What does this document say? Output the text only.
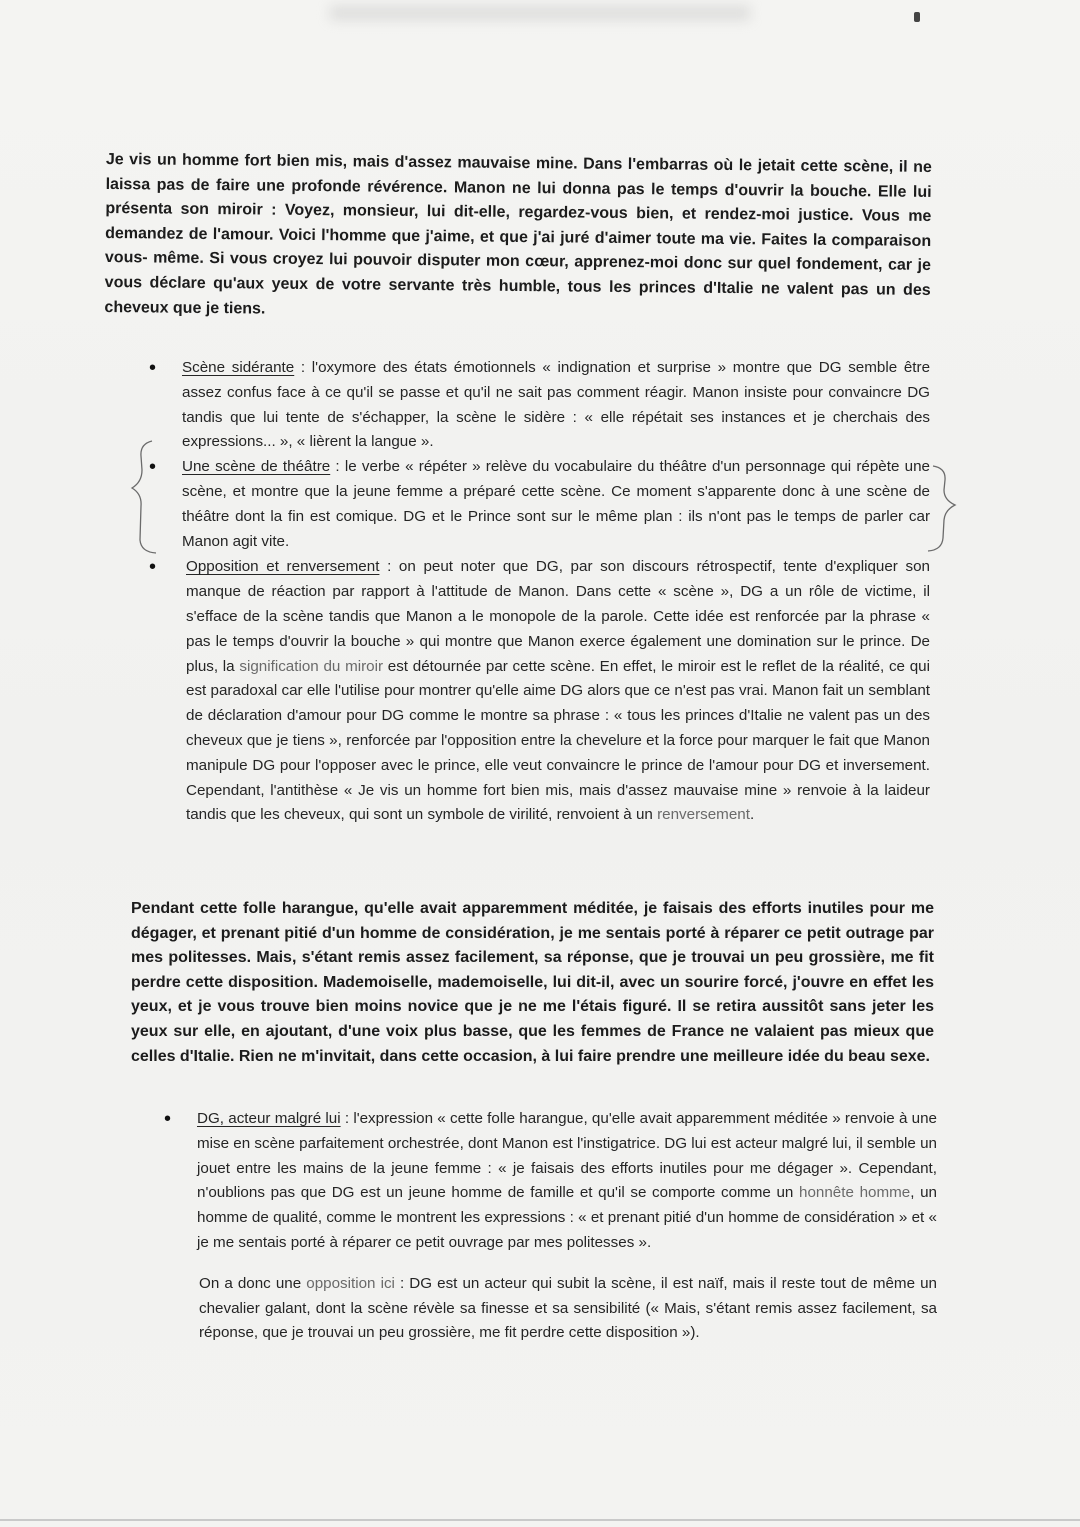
Je vis un homme fort bien mis, mais d'assez mauvaise mine. Dans l'embarras où le jetait cette scène, il ne laissa pas de faire une profonde révérence. Manon ne lui donna pas le temps d'ouvrir la bouche. Elle lui présenta son miroir : Voyez, monsieur, lui dit-elle, regardez-vous bien, et rendez-moi justice. Vous me demandez de l'amour. Voici l'homme que j'aime, et que j'ai juré d'aimer toute ma vie. Faites la comparaison vous- même. Si vous croyez lui pouvoir disputer mon cœur, apprenez-moi donc sur quel fondement, car je vous déclare qu'aux yeux de votre servante très humble, tous les princes d'Italie ne valent pas un des cheveux que je tiens.

• Scène sidérante : l'oxymore des états émotionnels « indignation et surprise » montre que DG semble être assez confus face à ce qu'il se passe et qu'il ne sait pas comment réagir. Manon insiste pour convaincre DG tandis que lui tente de s'échapper, la scène le sidère : « elle répétait ses instances et je cherchais des expressions... », « lièrent la langue ».
• Une scène de théâtre : le verbe « répéter » relève du vocabulaire du théâtre d'un personnage qui répète une scène, et montre que la jeune femme a préparé cette scène. Ce moment s'apparente donc à une scène de théâtre dont la fin est comique. DG et le Prince sont sur le même plan : ils n'ont pas le temps de parler car Manon agit vite.
• Opposition et renversement : on peut noter que DG, par son discours rétrospectif, tente d'expliquer son manque de réaction par rapport à l'attitude de Manon. Dans cette « scène », DG a un rôle de victime, il s'efface de la scène tandis que Manon a le monopole de la parole. Cette idée est renforcée par la phrase « pas le temps d'ouvrir la bouche » qui montre que Manon exerce également une domination sur le prince. De plus, la signification du miroir est détournée par cette scène. En effet, le miroir est le reflet de la réalité, ce qui est paradoxal car elle l'utilise pour montrer qu'elle aime DG alors que ce n'est pas vrai. Manon fait un semblant de déclaration d'amour pour DG comme le montre sa phrase : « tous les princes d'Italie ne valent pas un des cheveux que je tiens », renforcée par l'opposition entre la chevelure et la force pour marquer le fait que Manon manipule DG pour l'opposer avec le prince, elle veut convaincre le prince de l'amour pour DG et inversement. Cependant, l'antithèse « Je vis un homme fort bien mis, mais d'assez mauvaise mine » renvoie à la laideur tandis que les cheveux, qui sont un symbole de virilité, renvoient à un renversement.

Pendant cette folle harangue, qu'elle avait apparemment méditée, je faisais des efforts inutiles pour me dégager, et prenant pitié d'un homme de considération, je me sentais porté à réparer ce petit outrage par mes politesses. Mais, s'étant remis assez facilement, sa réponse, que je trouvai un peu grossière, me fit perdre cette disposition. Mademoiselle, mademoiselle, lui dit-il, avec un sourire forcé, j'ouvre en effet les yeux, et je vous trouve bien moins novice que je ne me l'étais figuré. Il se retira aussitôt sans jeter les yeux sur elle, en ajoutant, d'une voix plus basse, que les femmes de France ne valaient pas mieux que celles d'Italie. Rien ne m'invitait, dans cette occasion, à lui faire prendre une meilleure idée du beau sexe.

• DG, acteur malgré lui : l'expression « cette folle harangue, qu'elle avait apparemment méditée » renvoie à une mise en scène parfaitement orchestrée, dont Manon est l'instigatrice. DG lui est acteur malgré lui, il semble un jouet entre les mains de la jeune femme : « je faisais des efforts inutiles pour me dégager ». Cependant, n'oublions pas que DG est un jeune homme de famille et qu'il se comporte comme un honnête homme, un homme de qualité, comme le montrent les expressions : « et prenant pitié d'un homme de considération » et « je me sentais porté à réparer ce petit ouvrage par mes politesses ».

On a donc une opposition ici : DG est un acteur qui subit la scène, il est naïf, mais il reste tout de même un chevalier galant, dont la scène révèle sa finesse et sa sensibilité (« Mais, s'étant remis assez facilement, sa réponse, que je trouvai un peu grossière, me fit perdre cette disposition »).
